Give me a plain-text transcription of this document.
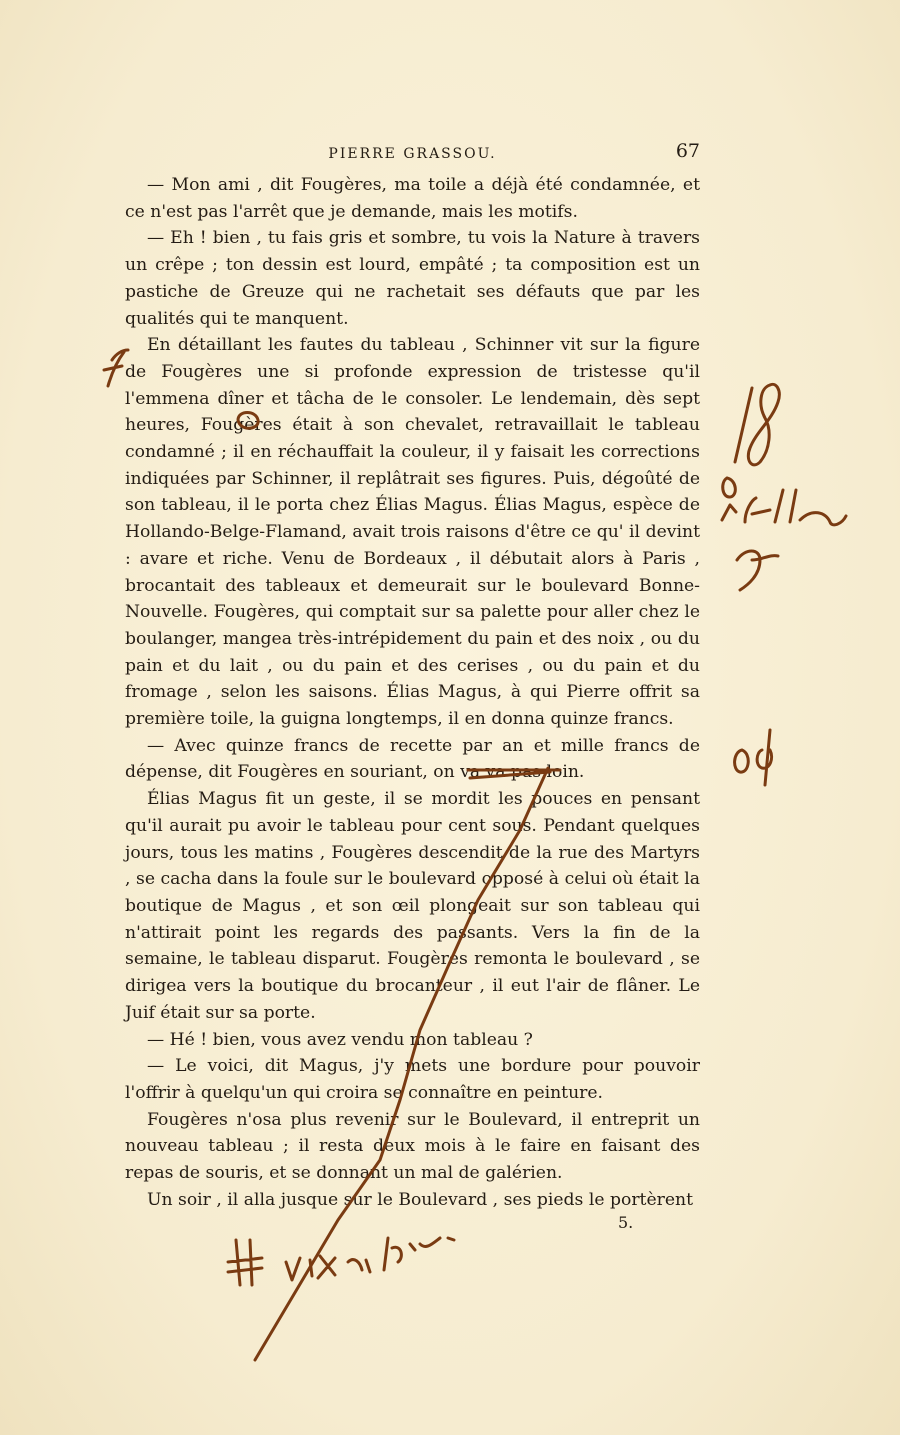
PIERRE GRASSOU.	67

— Mon ami , dit Fougères, ma toile a déjà été condamnée, et ce n'est pas l'arrêt que je demande, mais les motifs.

— Eh ! bien , tu fais gris et sombre, tu vois la Nature à travers un crêpe ; ton dessin est lourd, empâté ; ta composition est un pastiche de Greuze qui ne rachetait ses défauts que par les qualités qui te manquent.

En détaillant les fautes du tableau , Schinner vit sur la figure de Fougères une si profonde expression de tristesse qu'il l'emmena dîner et tâcha de le consoler. Le lendemain, dès sept heures, Fougères était à son chevalet, retravaillait le tableau condamné ; il en réchauffait la couleur, il y faisait les corrections indiquées par Schinner, il replâtrait ses figures. Puis, dégoûté de son tableau, il le porta chez Élias Magus. Élias Magus, espèce de Hollando-Belge-Flamand, avait trois raisons d'être ce qu' il devint : avare et riche. Venu de Bordeaux , il débutait alors à Paris , brocantait des tableaux et demeurait sur le boulevard Bonne-Nouvelle. Fougères, qui comptait sur sa palette pour aller chez le boulanger, mangea très-intrépidement du pain et des noix , ou du pain et du lait , ou du pain et des cerises , ou du pain et du fromage , selon les saisons. Élias Magus, à qui Pierre offrit sa première toile, la guigna longtemps, il en donna quinze francs.

— Avec quinze francs de recette par an et mille francs de dépense, dit Fougères en souriant, on va va pas loin.

Élias Magus fit un geste, il se mordit les pouces en pensant qu'il aurait pu avoir le tableau pour cent sous. Pendant quelques jours, tous les matins , Fougères descendit de la rue des Martyrs , se cacha dans la foule sur le boulevard opposé à celui où était la boutique de Magus , et son œil plongeait sur son tableau qui n'attirait point les regards des passants. Vers la fin de la semaine, le tableau disparut. Fougères remonta le boulevard , se dirigea vers la boutique du brocanteur , il eut l'air de flâner. Le Juif était sur sa porte.

— Hé ! bien, vous avez vendu mon tableau ?

— Le voici, dit Magus, j'y mets une bordure pour pouvoir l'offrir à quelqu'un qui croira se connaître en peinture.

Fougères n'osa plus revenir sur le Boulevard, il entreprit un nouveau tableau ; il resta deux mois à le faire en faisant des repas de souris, et se donnant un mal de galérien.

Un soir , il alla jusque sur le Boulevard , ses pieds le portèrent

5.
